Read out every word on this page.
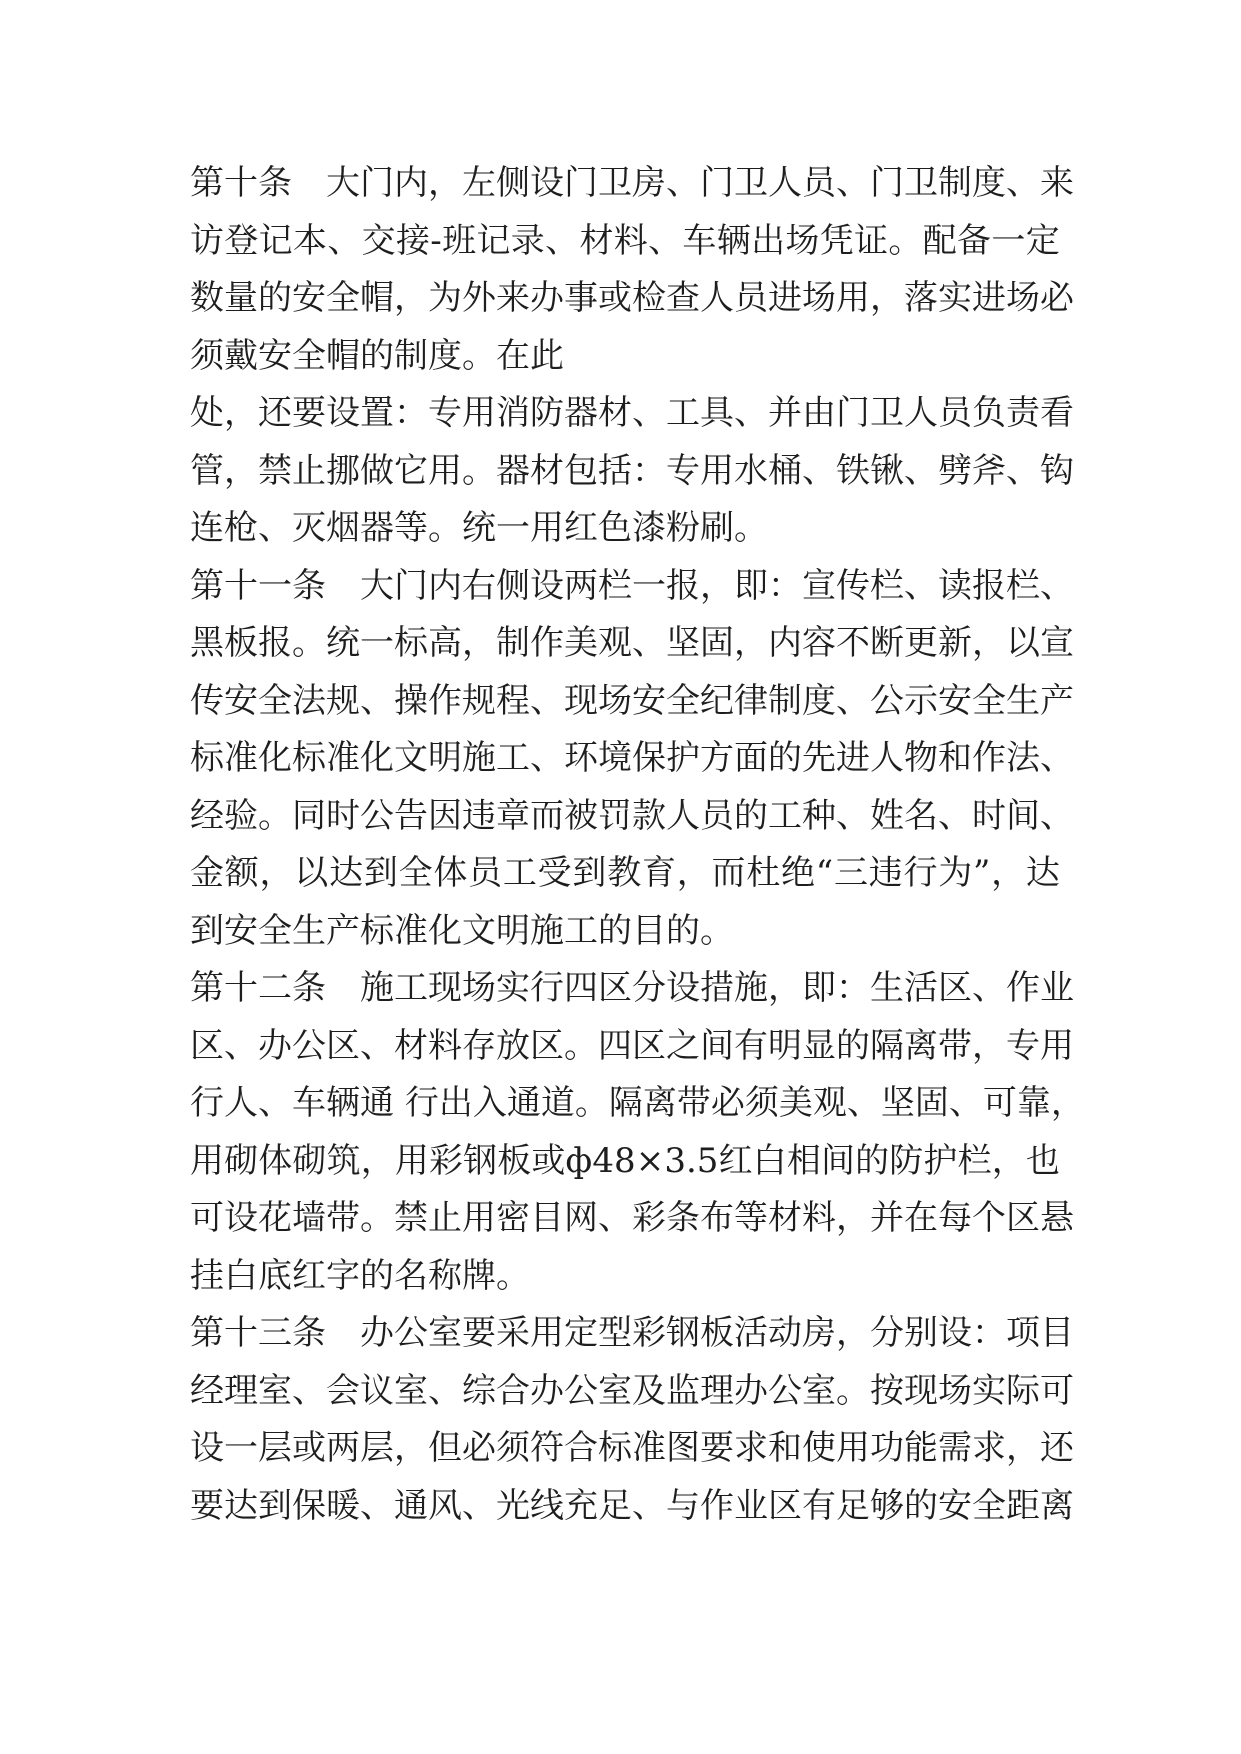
第 十 条
　 大 门 内 ， 左 侧 设 门 卫 房 、 门 卫 人 员 、 门 卫 制 度 、 来
访 登 记 本 、 交 接 - 班 记 录 、 材 料 、 车 辆 出 场 凭 证 。 配 备 一 定
数 量 的 安 全 帽 ， 为 外 来 办 事 或 检 查 人 员 进 场 用 ， 落 实 进 场 必
须 戴 安 全 帽 的 制 度 。 在 此
处 ， 还 要 设 置 ： 专 用 消 防 器 材 、 工 具 、 并 由 门 卫 人 员 负 责 看
管 ， 禁 止 挪 做 它 用 。 器 材 包 括 ： 专 用 水 桶 、 铁 锹 、 劈 斧 、 钩
连 枪 、 灭 烟 器 等 。 统 一 用 红 色 漆 粉 刷 。
第 十 一 条
　 大 门 内 右 侧 设 两 栏 一 报 ， 即 ： 宣 传 栏 、 读 报 栏 、
黑 板 报 。 统 一 标 高 ， 制 作 美 观 、 坚 固 ， 内 容 不 断 更 新 ， 以 宣
传 安 全 法 规 、 操 作 规 程 、 现 场 安 全 纪 律 制 度 、 公 示 安 全 生 产
标 准 化 标 准 化 文 明 施 工 、 环 境 保 护 方 面 的 先 进 人 物 和 作 法 、
经 验 。 同 时 公 告 因 违 章 而 被 罚 款 人 员 的 工 种 、 姓 名 、 时 间 、
金 额 ， 以 达 到 全 体 员 工 受 到 教 育 ， 而 杜 绝 “ 三 违 行 为 ” ， 达
到 安 全 生 产 标 准 化 文 明 施 工 的 目 的 。
第 十 二 条
　 施 工 现 场 实 行 四 区 分 设 措 施 ， 即 ： 生 活 区 、 作 业
区 、 办 公 区 、 材 料 存 放 区 。 四 区 之 间 有 明 显 的 隔 离 带 ， 专 用
行 人 、 车 辆 通
行 出 入 通 道 。 隔 离 带 必 须 美 观 、 坚 固 、 可 靠 ，
用 砌 体 砌 筑 ， 用 彩 钢 板 或 ф 48 × 3.5 红 白 相 间 的 防 护 栏 ， 也
可 设 花 墙 带 。 禁 止 用 密 目 网 、 彩 条 布 等 材 料 ， 并 在 每 个 区 悬
挂 白 底 红 字 的 名 称 牌 。
第 十 三 条
　 办 公 室 要 采 用 定 型 彩 钢 板 活 动 房 ， 分 别 设 ： 项 目
经 理 室 、 会 议 室 、 综 合 办 公 室 及 监 理 办 公 室 。 按 现 场 实 际 可
设 一 层 或 两 层 ， 但 必 须 符 合 标 准 图 要 求 和 使 用 功 能 需 求 ， 还
要 达 到 保 暖 、 通 风 、 光 线 充 足 、 与 作 业 区 有 足 够 的 安 全 距 离
